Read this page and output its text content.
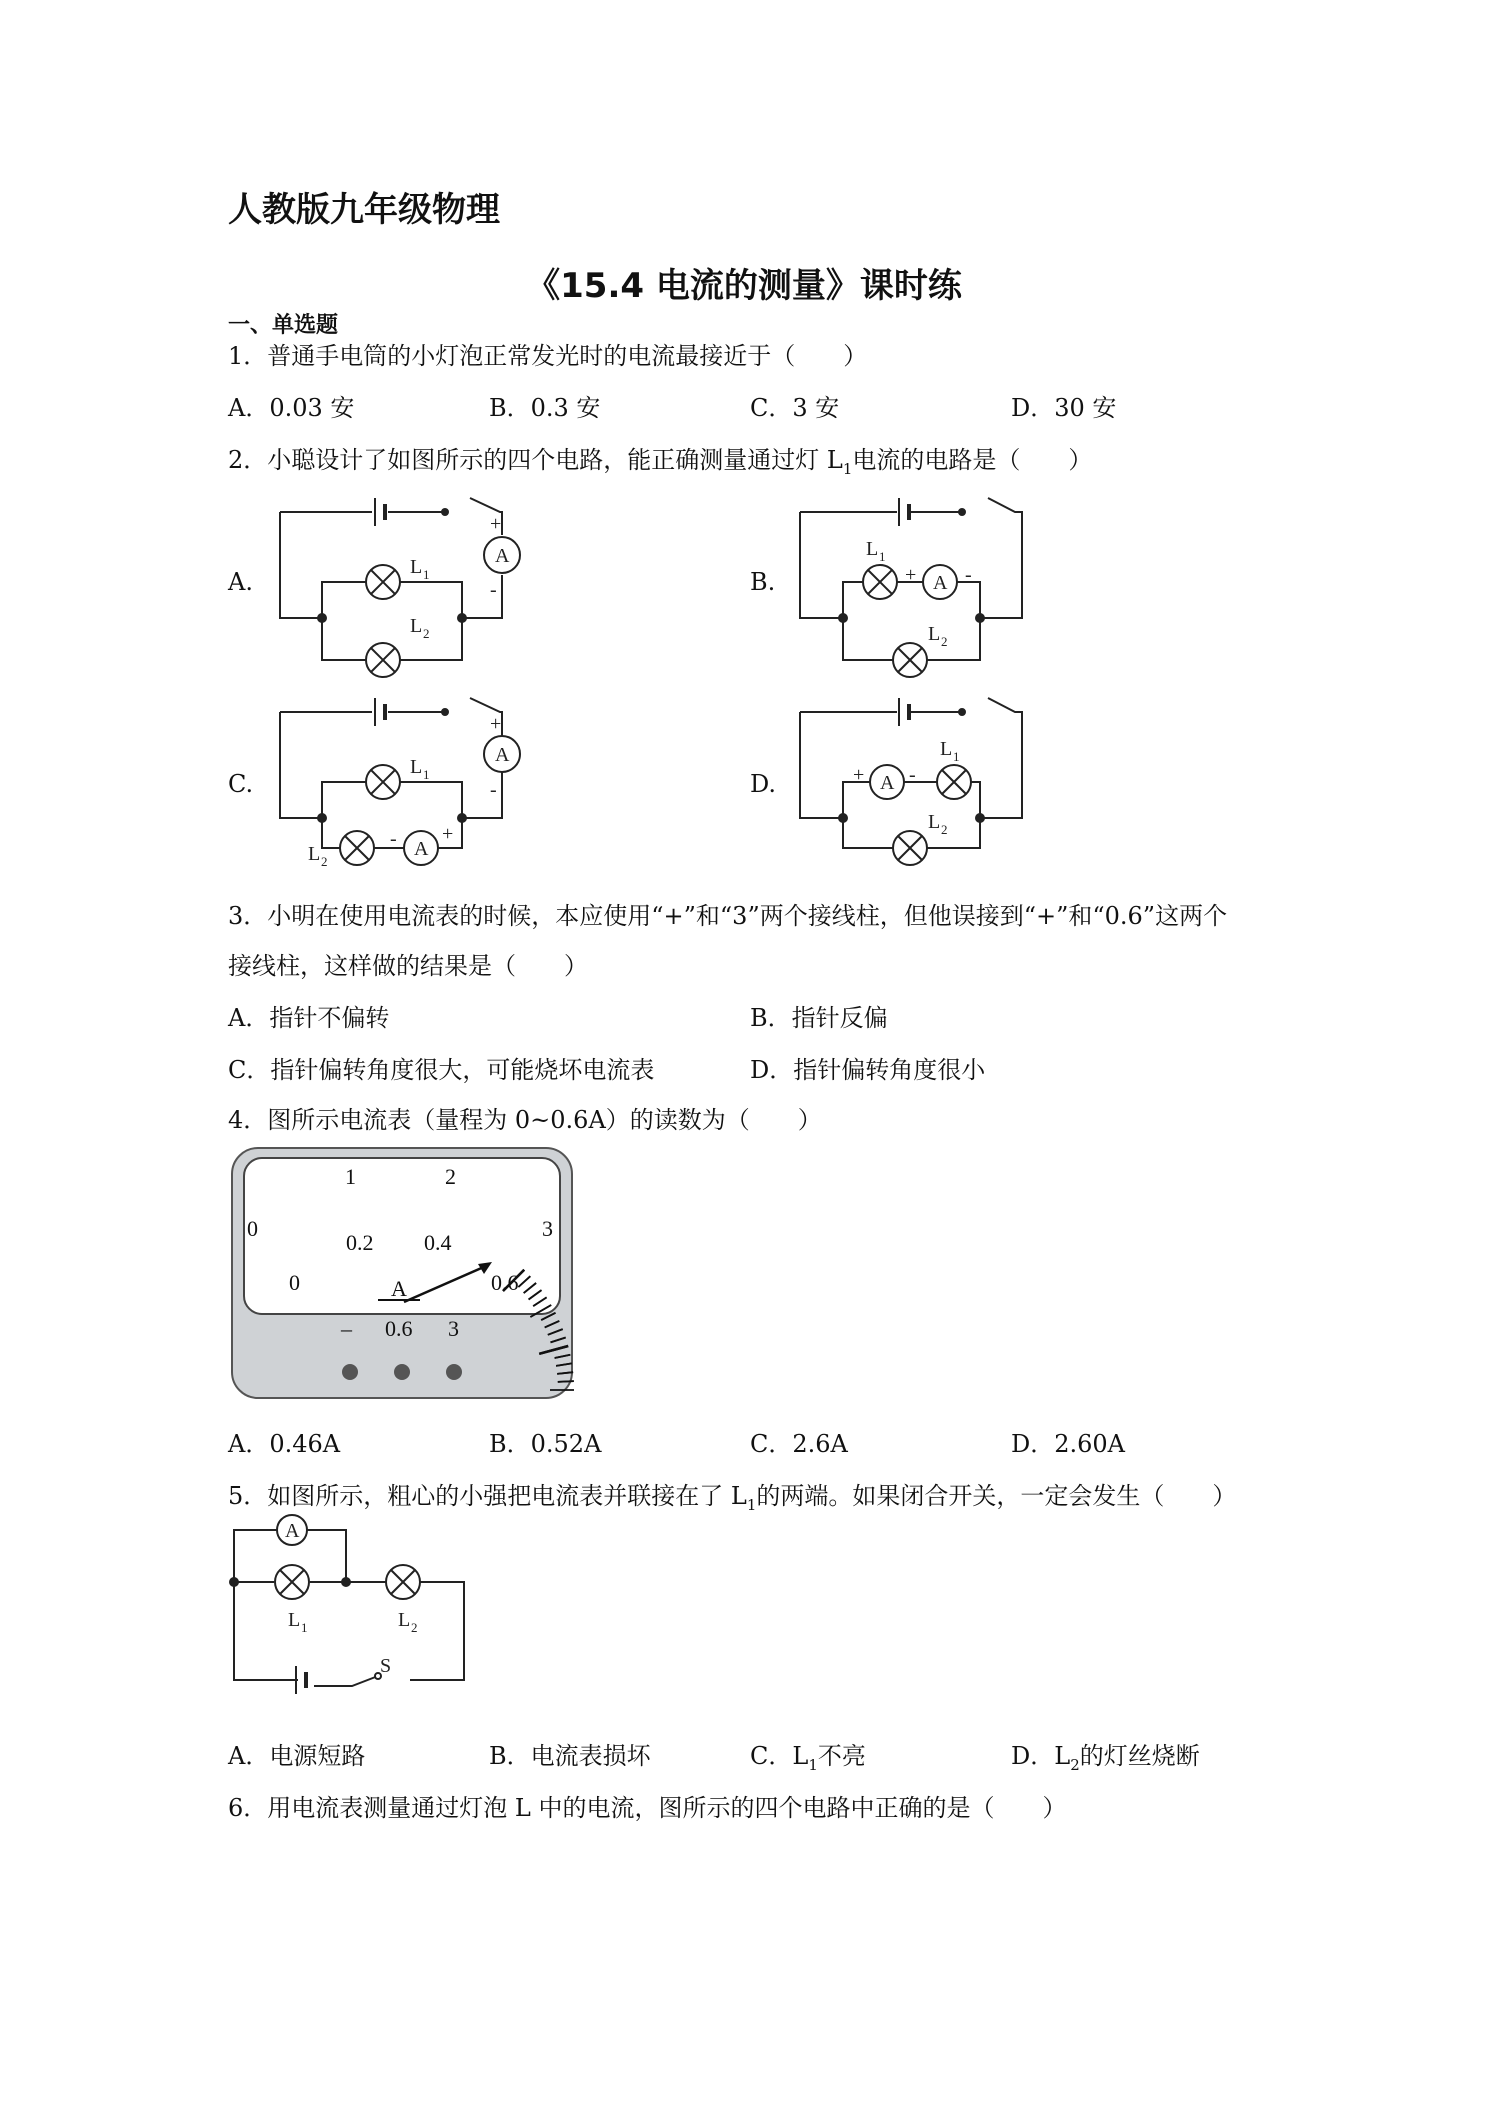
人教版九年级物理
《15.4 电流的测量》课时练
一、单选题
1．普通手电筒的小灯泡正常发光时的电流最接近于（　　）
A．0.03 安	B．0.3 安	C．3 安	D．30 安
2．小聪设计了如图所示的四个电路，能正确测量通过灯 $L_1$电流的电路是（　　）
A.	B.
C.	D.
A
+
-
L 1
L 2
A
+ -
L 1
L 2
A
+
-
A
- +
L 1
L 2
A
+ -
L 1
L 2
0
1	2
3
0
0.2 0.4
0.6
A
– 0.6 3
A
S
L 1	L 2
3．小明在使用电流表的时候，本应使用“+”和“3”两个接线柱，但他误接到“+”和“0.6”这两个
接线柱，这样做的结果是（　　）
A．指针不偏转	B．指针反偏
C．指针偏转角度很大，可能烧坏电流表	D．指针偏转角度很小
4．图所示电流表（量程为 0~0.6A）的读数为（　　）
A．0.46A	B．0.52A	C．2.6A	D．2.60A
5．如图所示，粗心的小强把电流表并联接在了 $L_1$的两端。如果闭合开关，一定会发生（　　）
A．电源短路	B．电流表损坏	C．$L_1$不亮	D．$L_2$的灯丝烧断
6．用电流表测量通过灯泡 L 中的电流，图所示的四个电路中正确的是（　　）
